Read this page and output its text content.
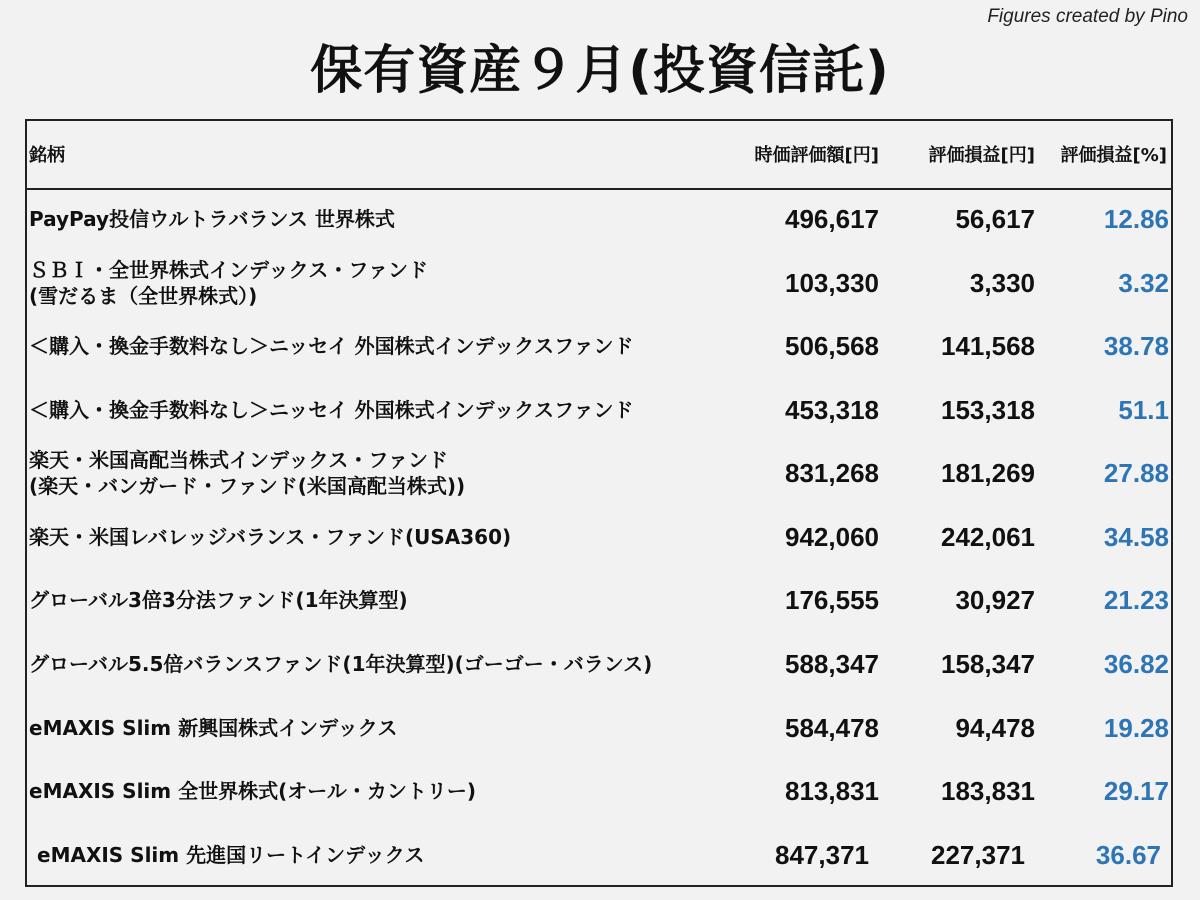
Figures created by Pino
保有資産９月(投資信託)
銘柄	時価評価額[円]	評価損益[円] 評価損益[%]
PayPay投信ウルトラバランス 世界株式	496,617	56,617	12.86
ＳＢＩ・全世界株式インデックス・ファンド
(雪だるま（全世界株式）)	103,330	3,330	3.32
＜購入・換金手数料なし＞ニッセイ 外国株式インデックスファンド	506,568 141,568	38.78
＜購入・換金手数料なし＞ニッセイ 外国株式インデックスファンド	453,318 153,318	51.1
楽天・米国高配当株式インデックス・ファンド
(楽天・バンガード・ファンド(米国高配当株式))	831,268 181,269	27.88
楽天・米国レバレッジバランス・ファンド(USA360)	942,060 242,061	34.58
グローバル3倍3分法ファンド(1年決算型)	176,555	30,927	21.23
グローバル5.5倍バランスファンド(1年決算型)(ゴーゴー・バランス)	588,347 158,347	36.82
eMAXIS Slim 新興国株式インデックス	584,478	94,478	19.28
eMAXIS Slim 全世界株式(オール・カントリー)	813,831 183,831	29.17
eMAXIS Slim 先進国リートインデックス	847,371 227,371	36.67
